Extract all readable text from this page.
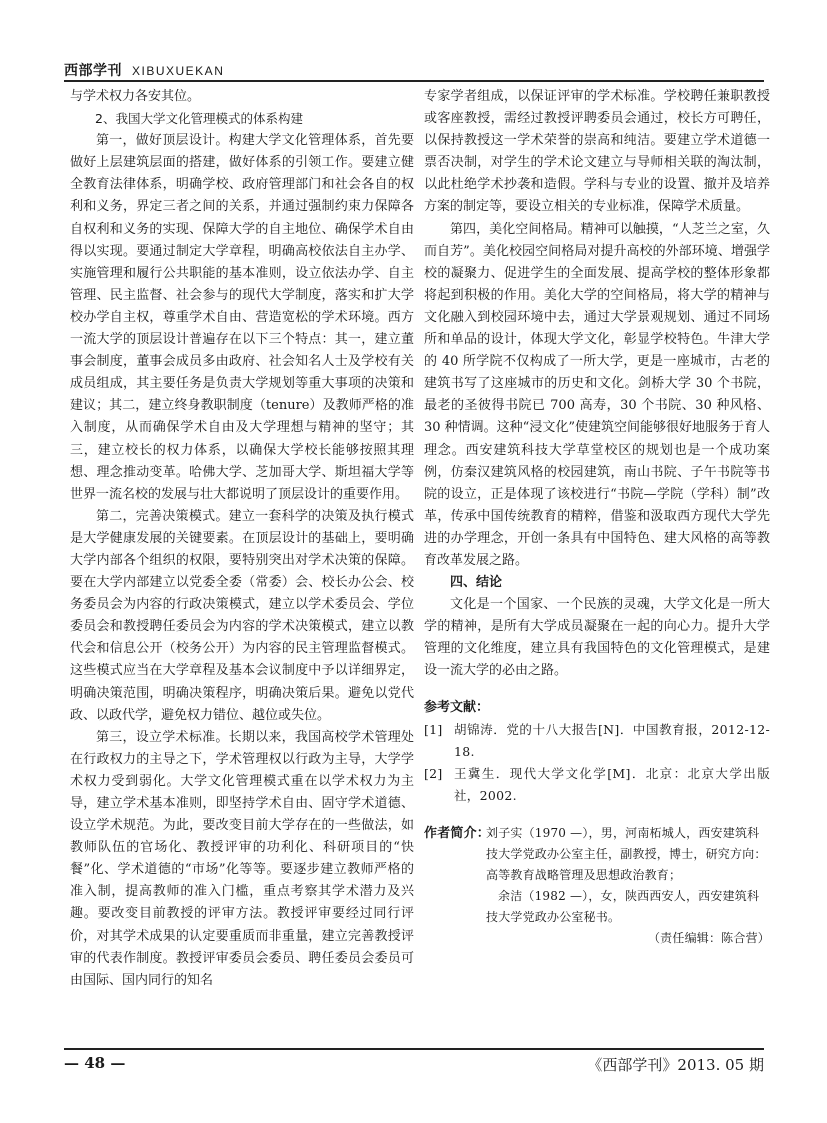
西部学刊 XIBUXUEKAN

与学术权力各安其位。

2、我国大学文化管理模式的体系构建

第一，做好顶层设计。构建大学文化管理体系，首先要做好上层建筑层面的搭建，做好体系的引领工作。要建立健全教育法律体系，明确学校、政府管理部门和社会各自的权利和义务，界定三者之间的关系，并通过强制约束力保障各自权利和义务的实现、保障大学的自主地位、确保学术自由得以实现。要通过制定大学章程，明确高校依法自主办学、实施管理和履行公共职能的基本准则，设立依法办学、自主管理、民主监督、社会参与的现代大学制度，落实和扩大学校办学自主权，尊重学术自由、营造宽松的学术环境。西方一流大学的顶层设计普遍存在以下三个特点：其一，建立董事会制度，董事会成员多由政府、社会知名人士及学校有关成员组成，其主要任务是负责大学规划等重大事项的决策和建议；其二，建立终身教职制度（tenure）及教师严格的准入制度，从而确保学术自由及大学理想与精神的坚守；其三，建立校长的权力体系，以确保大学校长能够按照其理想、理念推动变革。哈佛大学、芝加哥大学、斯坦福大学等世界一流名校的发展与壮大都说明了顶层设计的重要作用。

第二，完善决策模式。建立一套科学的决策及执行模式是大学健康发展的关键要素。在顶层设计的基础上，要明确大学内部各个组织的权限，要特别突出对学术决策的保障。要在大学内部建立以党委全委（常委）会、校长办公会、校务委员会为内容的行政决策模式，建立以学术委员会、学位委员会和教授聘任委员会为内容的学术决策模式，建立以教代会和信息公开（校务公开）为内容的民主管理监督模式。这些模式应当在大学章程及基本会议制度中予以详细界定，明确决策范围，明确决策程序，明确决策后果。避免以党代政、以政代学，避免权力错位、越位或失位。

第三，设立学术标准。长期以来，我国高校学术管理处在行政权力的主导之下，学术管理权以行政为主导，大学学术权力受到弱化。大学文化管理模式重在以学术权力为主导，建立学术基本准则，即坚持学术自由、固守学术道德、设立学术规范。为此，要改变目前大学存在的一些做法，如教师队伍的官场化、教授评审的功利化、科研项目的“快餐”化、学术道德的“市场”化等等。要逐步建立教师严格的准入制，提高教师的准入门槛，重点考察其学术潜力及兴趣。要改变目前教授的评审方法。教授评审要经过同行评价，对其学术成果的认定要重质而非重量，建立完善教授评审的代表作制度。教授评审委员会委员、聘任委员会委员可由国际、国内同行的知名

专家学者组成，以保证评审的学术标准。学校聘任兼职教授或客座教授，需经过教授评聘委员会通过，校长方可聘任，以保持教授这一学术荣誉的崇高和纯洁。要建立学术道德一票否决制，对学生的学术论文建立与导师相关联的淘汰制，以此杜绝学术抄袭和造假。学科与专业的设置、撤并及培养方案的制定等，要设立相关的专业标准，保障学术质量。

第四，美化空间格局。精神可以触摸，“人芝兰之室，久而自芳”。美化校园空间格局对提升高校的外部环境、增强学校的凝聚力、促进学生的全面发展、提高学校的整体形象都将起到积极的作用。美化大学的空间格局，将大学的精神与文化融入到校园环境中去，通过大学景观规划、通过不同场所和单品的设计，体现大学文化，彰显学校特色。牛津大学的 40 所学院不仅构成了一所大学，更是一座城市，古老的建筑书写了这座城市的历史和文化。剑桥大学 30 个书院，最老的圣彼得书院已 700 高寿，30 个书院、30 种风格、30 种情调。这种“浸文化”使建筑空间能够很好地服务于育人理念。西安建筑科技大学草堂校区的规划也是一个成功案例，仿秦汉建筑风格的校园建筑，南山书院、子午书院等书院的设立，正是体现了该校进行“书院—学院（学科）制”改革，传承中国传统教育的精粹，借鉴和汲取西方现代大学先进的办学理念，开创一条具有中国特色、建大风格的高等教育改革发展之路。

四、结论

文化是一个国家、一个民族的灵魂，大学文化是一所大学的精神，是所有大学成员凝聚在一起的向心力。提升大学管理的文化维度，建立具有我国特色的文化管理模式，是建设一流大学的必由之路。

参考文献：

[1] 胡锦涛．党的十八大报告[N]．中国教育报，2012-12-18.

[2] 王冀生．现代大学文化学[M]．北京：北京大学出版社，2002.

作者简介：

刘子实（1970 —），男，河南柘城人，西安建筑科技大学党政办公室主任，副教授，博士，研究方向：高等教育战略管理及思想政治教育；

余洁（1982 —），女，陕西西安人，西安建筑科技大学党政办公室秘书。

（责任编辑：陈合营）

— 48 —	《西部学刊》2013. 05 期
